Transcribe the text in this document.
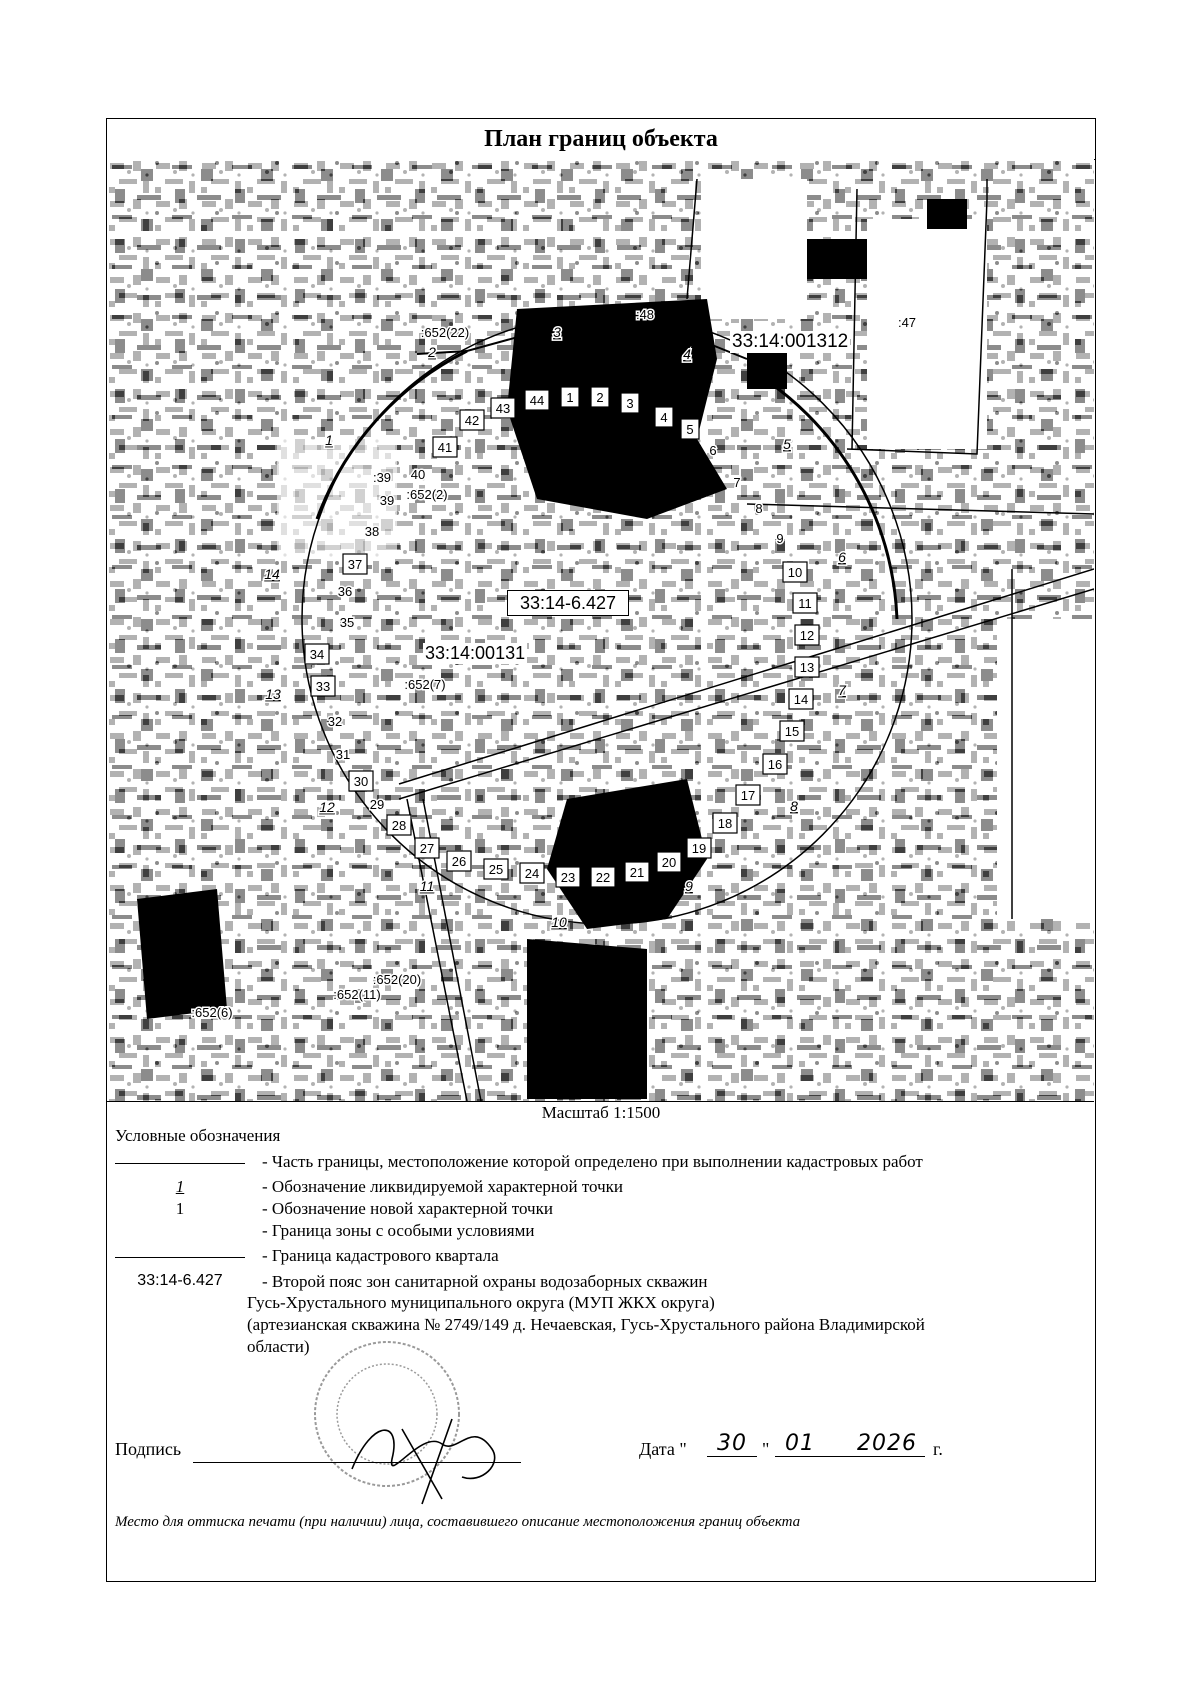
План границ объекта
1 2 3
4
5
6
7
8
9
10
11
12
13
14
15
16
17
18
19
20
21
22
23
24
25
26
27
28
29
30
31
32
33
34
35
36
37
38
39
40
41
42
43
44
1
2
3
4
5
6
7
8
9
10
11
12
13
14
:48
:47
:652(22)
:652(2)
:39
:652(7)
:652(20)
:652(11)
:652(6)
33:14-6.427
33:14:001312
33:14:00131
Масштаб 1:1500
Условные обозначения
- Часть границы, местоположение которой определено при выполнении кадастровых работ
1	- Обозначение ликвидируемой характерной точки
1	- Обозначение новой характерной точки
- Граница зоны с особыми условиями
- Граница кадастрового квартала
33:14-6.427	- Второй пояс зон санитарной охраны водозаборных скважин
Гусь-Хрустального муниципального округа (МУП ЖКХ округа)
(артезианская скважина № 2749/149 д. Нечаевская, Гусь-Хрустального района Владимирской
области)
Подпись	Дата "	30 " 01	2026 г.
Место для оттиска печати (при наличии) лица, составившего описание местоположения границ объекта
